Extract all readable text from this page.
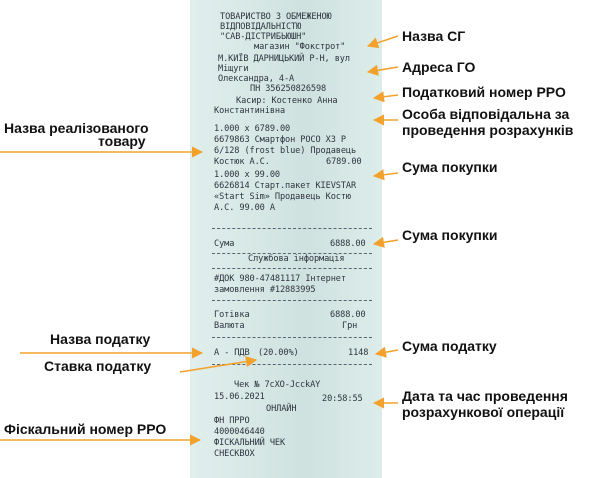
ТОВАРИСТВО З ОБМЕЖЕНОЮ
ВІДПОВІДАЛЬНІСТЮ
"САВ-ДІСТРИБЬЮШН"
магазин "Фокстрот"
М.КИЇВ ДАРНИЦЬКИЙ Р-Н, вул
Міщуги
Олександра, 4-А
ПН 356250826598
Касир: Костенко Анна
Константинівна
1.000 x 6789.00
6679863 Смартфон POCO X3 P
6/128 (frost blue) Продавець
Костюк А.С.	6789.00
1.000 x 99.00
6626814 Старт.пакет KIEVSTAR
«Start Sim» Продавець Костю
А.С. 99.00 А
Сума	6888.00
Службова інформація
#ДОК 980-47481117 Інтернет
замовлення #12883995
Готівка	6888.00
Валюта	Грн
А - ПДВ (20.00%)	1148
Чек № 7cXO-JcckAY
15.06.2021	20:58:55
ОНЛАЙН
ФН ПРРО
4000046440
ФІСКАЛЬНИЙ ЧЕК
CHECKBOX
Назва СГ
Адреса ГО
Податковий номер РРО
Особа відповідальна за
проведення розрахунків
Сума покупки
Сума покупки
Сума податку
Дата та час проведення
розрахункової операції
Назва реалізованого
товару
Назва податку
Ставка податку
Фіскальний номер РРО
